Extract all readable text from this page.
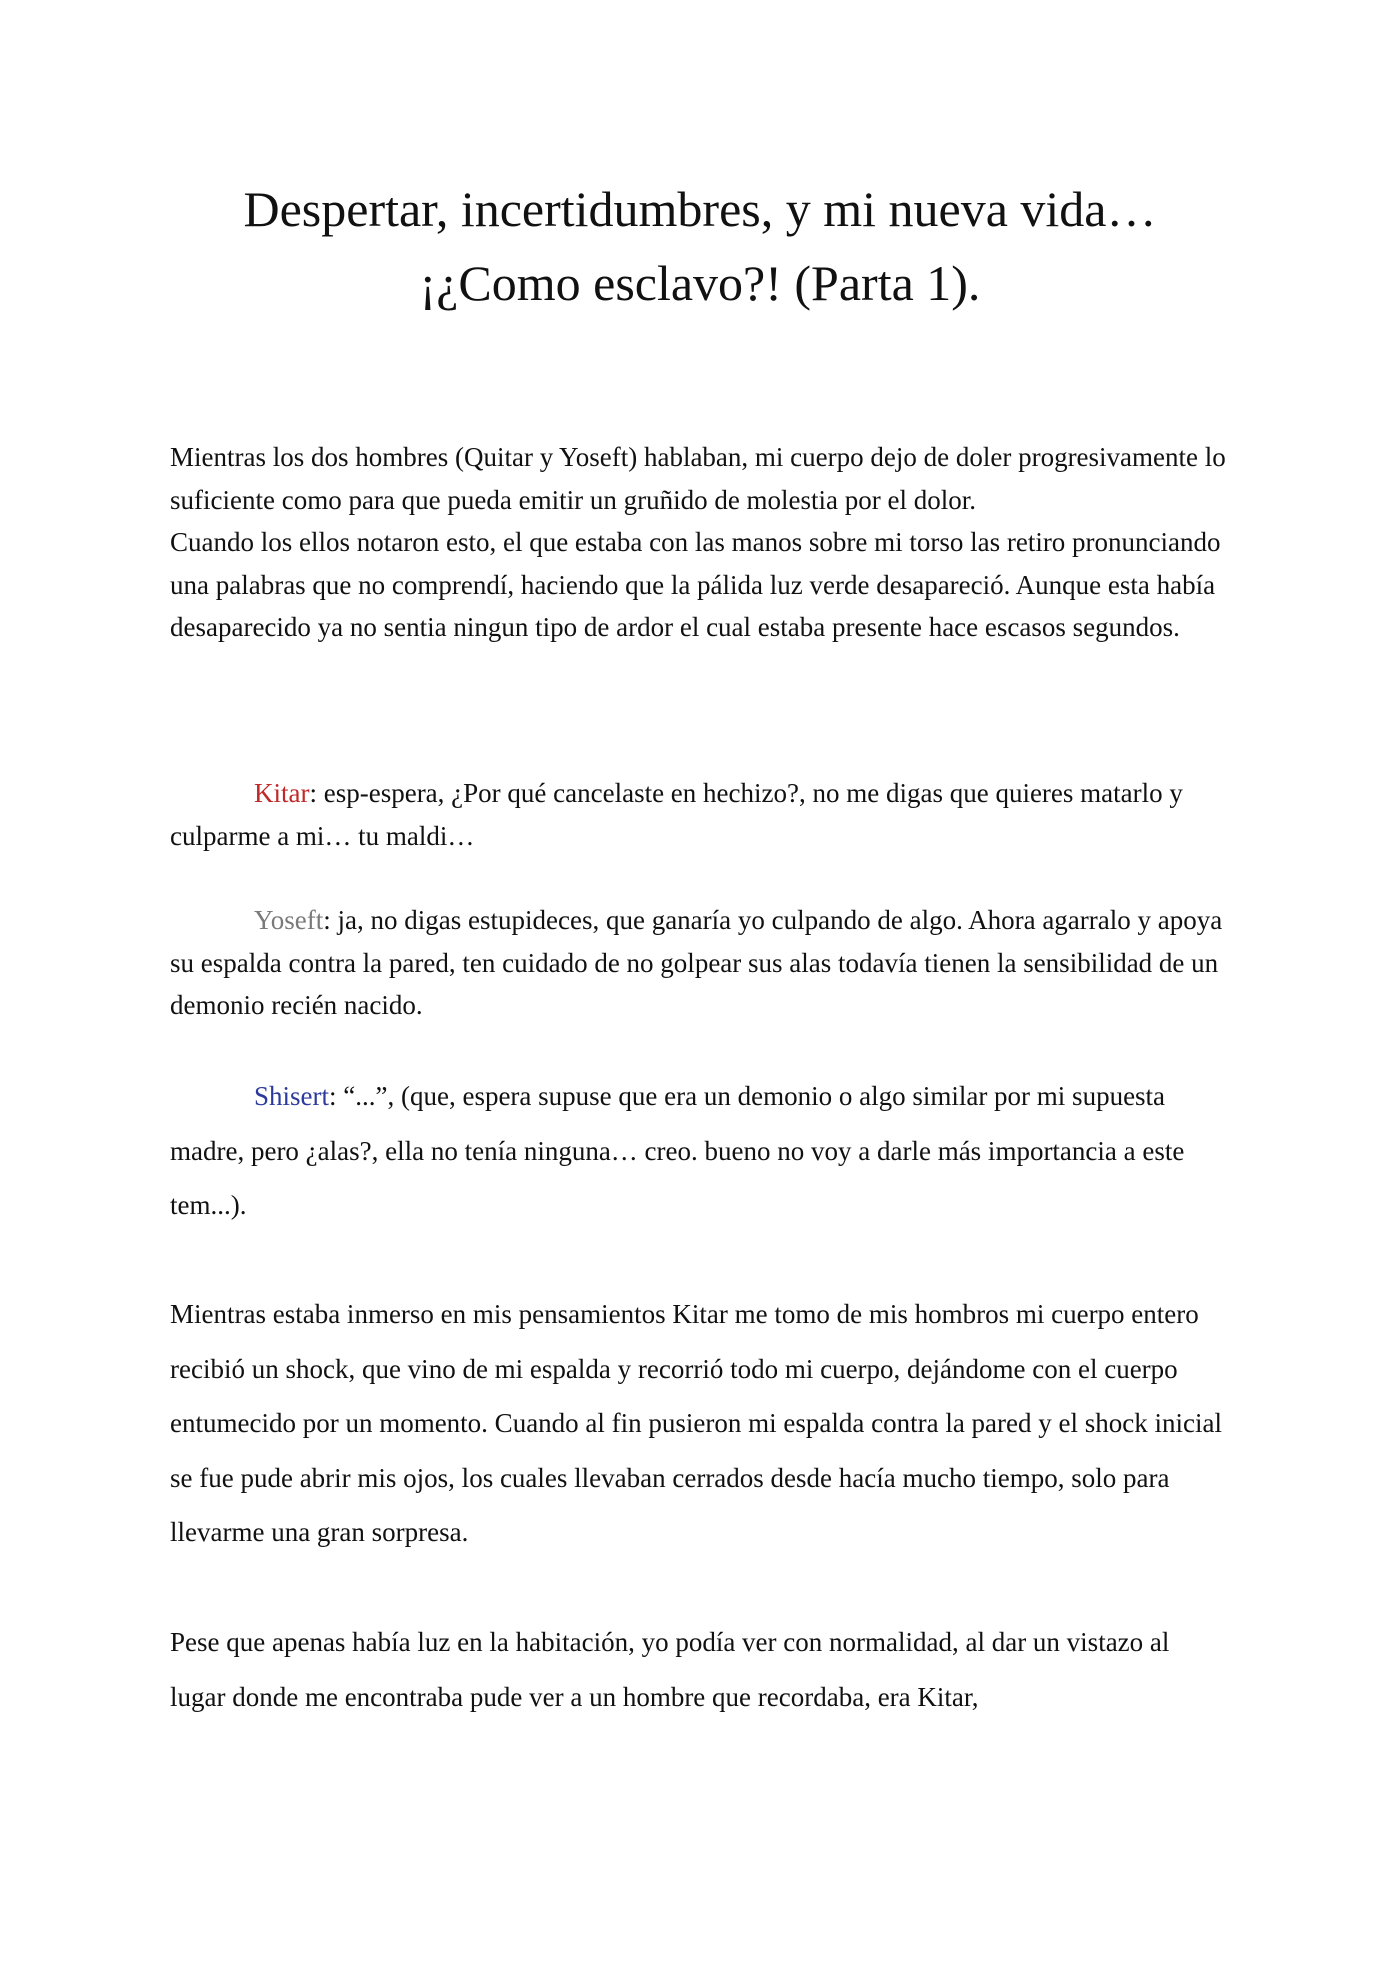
Despertar, incertidumbres, y mi nueva vida…
¡¿Como esclavo?! (Parta 1).

Mientras los dos hombres (Quitar y Yoseft) hablaban, mi cuerpo dejo de doler progresivamente lo suficiente como para que pueda emitir un gruñido de molestia por el dolor.
Cuando los ellos notaron esto, el que estaba con las manos sobre mi torso las retiro pronunciando una palabras que no comprendí, haciendo que la pálida luz verde desapareció. Aunque esta había desaparecido ya no sentia ningun tipo de ardor el cual estaba presente hace escasos segundos.

Kitar: esp-espera, ¿Por qué cancelaste en hechizo?, no me digas que quieres matarlo y culparme a mi… tu maldi…

Yoseft: ja, no digas estupideces, que ganaría yo culpando de algo. Ahora agarralo y apoya su espalda contra la pared, ten cuidado de no golpear sus alas todavía tienen la sensibilidad de un demonio recién nacido.

Shisert: “...”, (que, espera supuse que era un demonio o algo similar por mi supuesta madre, pero ¿alas?, ella no tenía ninguna… creo. bueno no voy a darle más importancia a este tem...).

Mientras estaba inmerso en mis pensamientos Kitar me tomo de mis hombros mi cuerpo entero recibió un shock, que vino de mi espalda y recorrió todo mi cuerpo, dejándome con el cuerpo entumecido por un momento. Cuando al fin pusieron mi espalda contra la pared y el shock inicial se fue pude abrir mis ojos, los cuales llevaban cerrados desde hacía mucho tiempo, solo para llevarme una gran sorpresa.

Pese que apenas había luz en la habitación, yo podía ver con normalidad, al dar un vistazo al lugar donde me encontraba pude ver a un hombre que recordaba, era Kitar,
